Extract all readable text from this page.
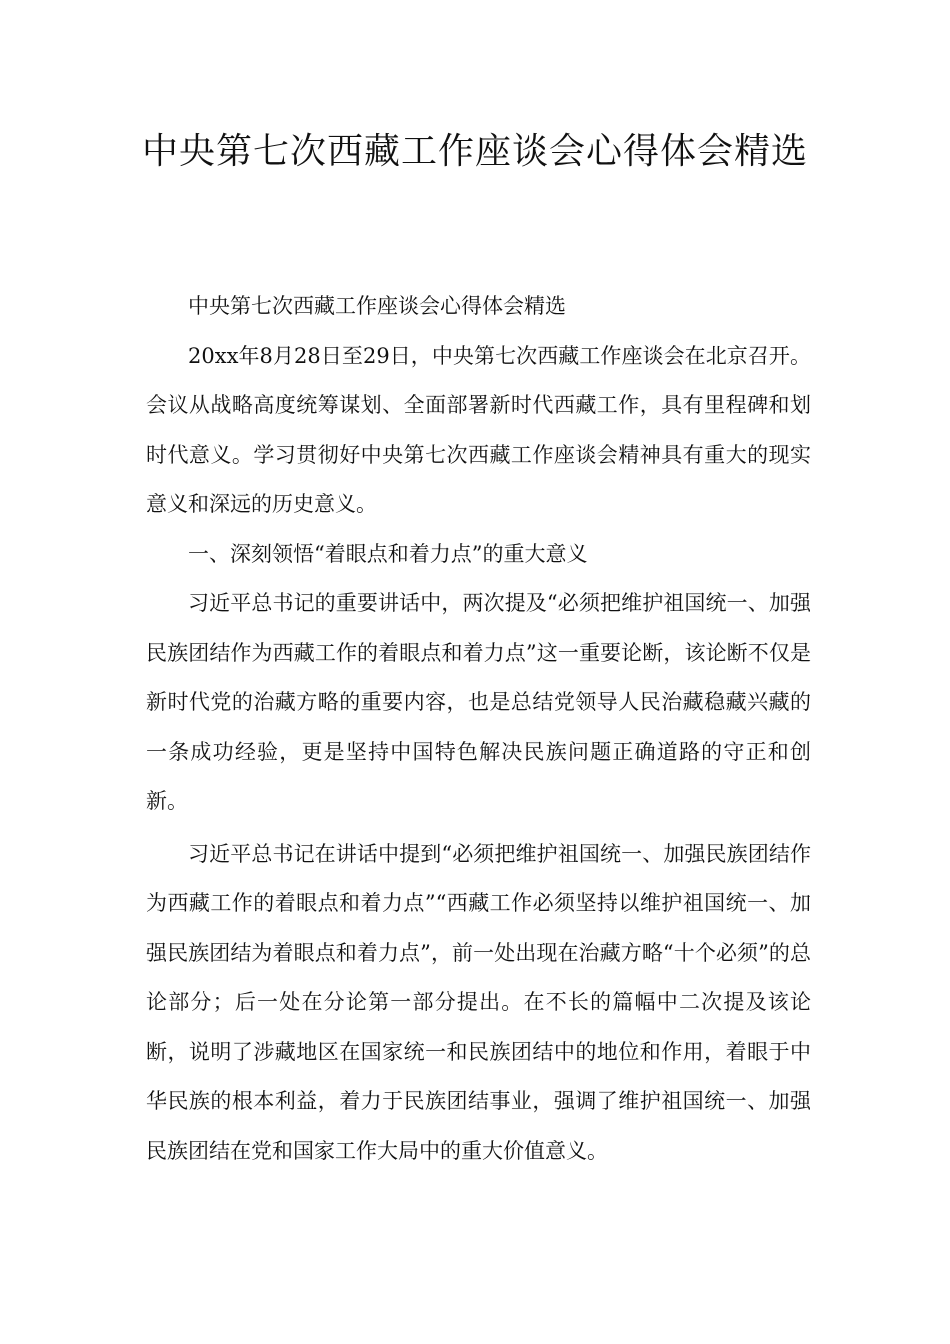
中央第七次西藏工作座谈会心得体会精选

中央第七次西藏工作座谈会心得体会精选

20xx年8月28日至29日，中央第七次西藏工作座谈会在北京召开。会议从战略高度统筹谋划、全面部署新时代西藏工作，具有里程碑和划时代意义。学习贯彻好中央第七次西藏工作座谈会精神具有重大的现实意义和深远的历史意义。

一、深刻领悟“着眼点和着力点”的重大意义

习近平总书记的重要讲话中，两次提及“必须把维护祖国统一、加强民族团结作为西藏工作的着眼点和着力点”这一重要论断，该论断不仅是新时代党的治藏方略的重要内容，也是总结党领导人民治藏稳藏兴藏的一条成功经验，更是坚持中国特色解决民族问题正确道路的守正和创新。

习近平总书记在讲话中提到“必须把维护祖国统一、加强民族团结作为西藏工作的着眼点和着力点”“西藏工作必须坚持以维护祖国统一、加强民族团结为着眼点和着力点”，前一处出现在治藏方略“十个必须”的总论部分；后一处在分论第一部分提出。在不长的篇幅中二次提及该论断，说明了涉藏地区在国家统一和民族团结中的地位和作用，着眼于中华民族的根本利益，着力于民族团结事业，强调了维护祖国统一、加强民族团结在党和国家工作大局中的重大价值意义。
